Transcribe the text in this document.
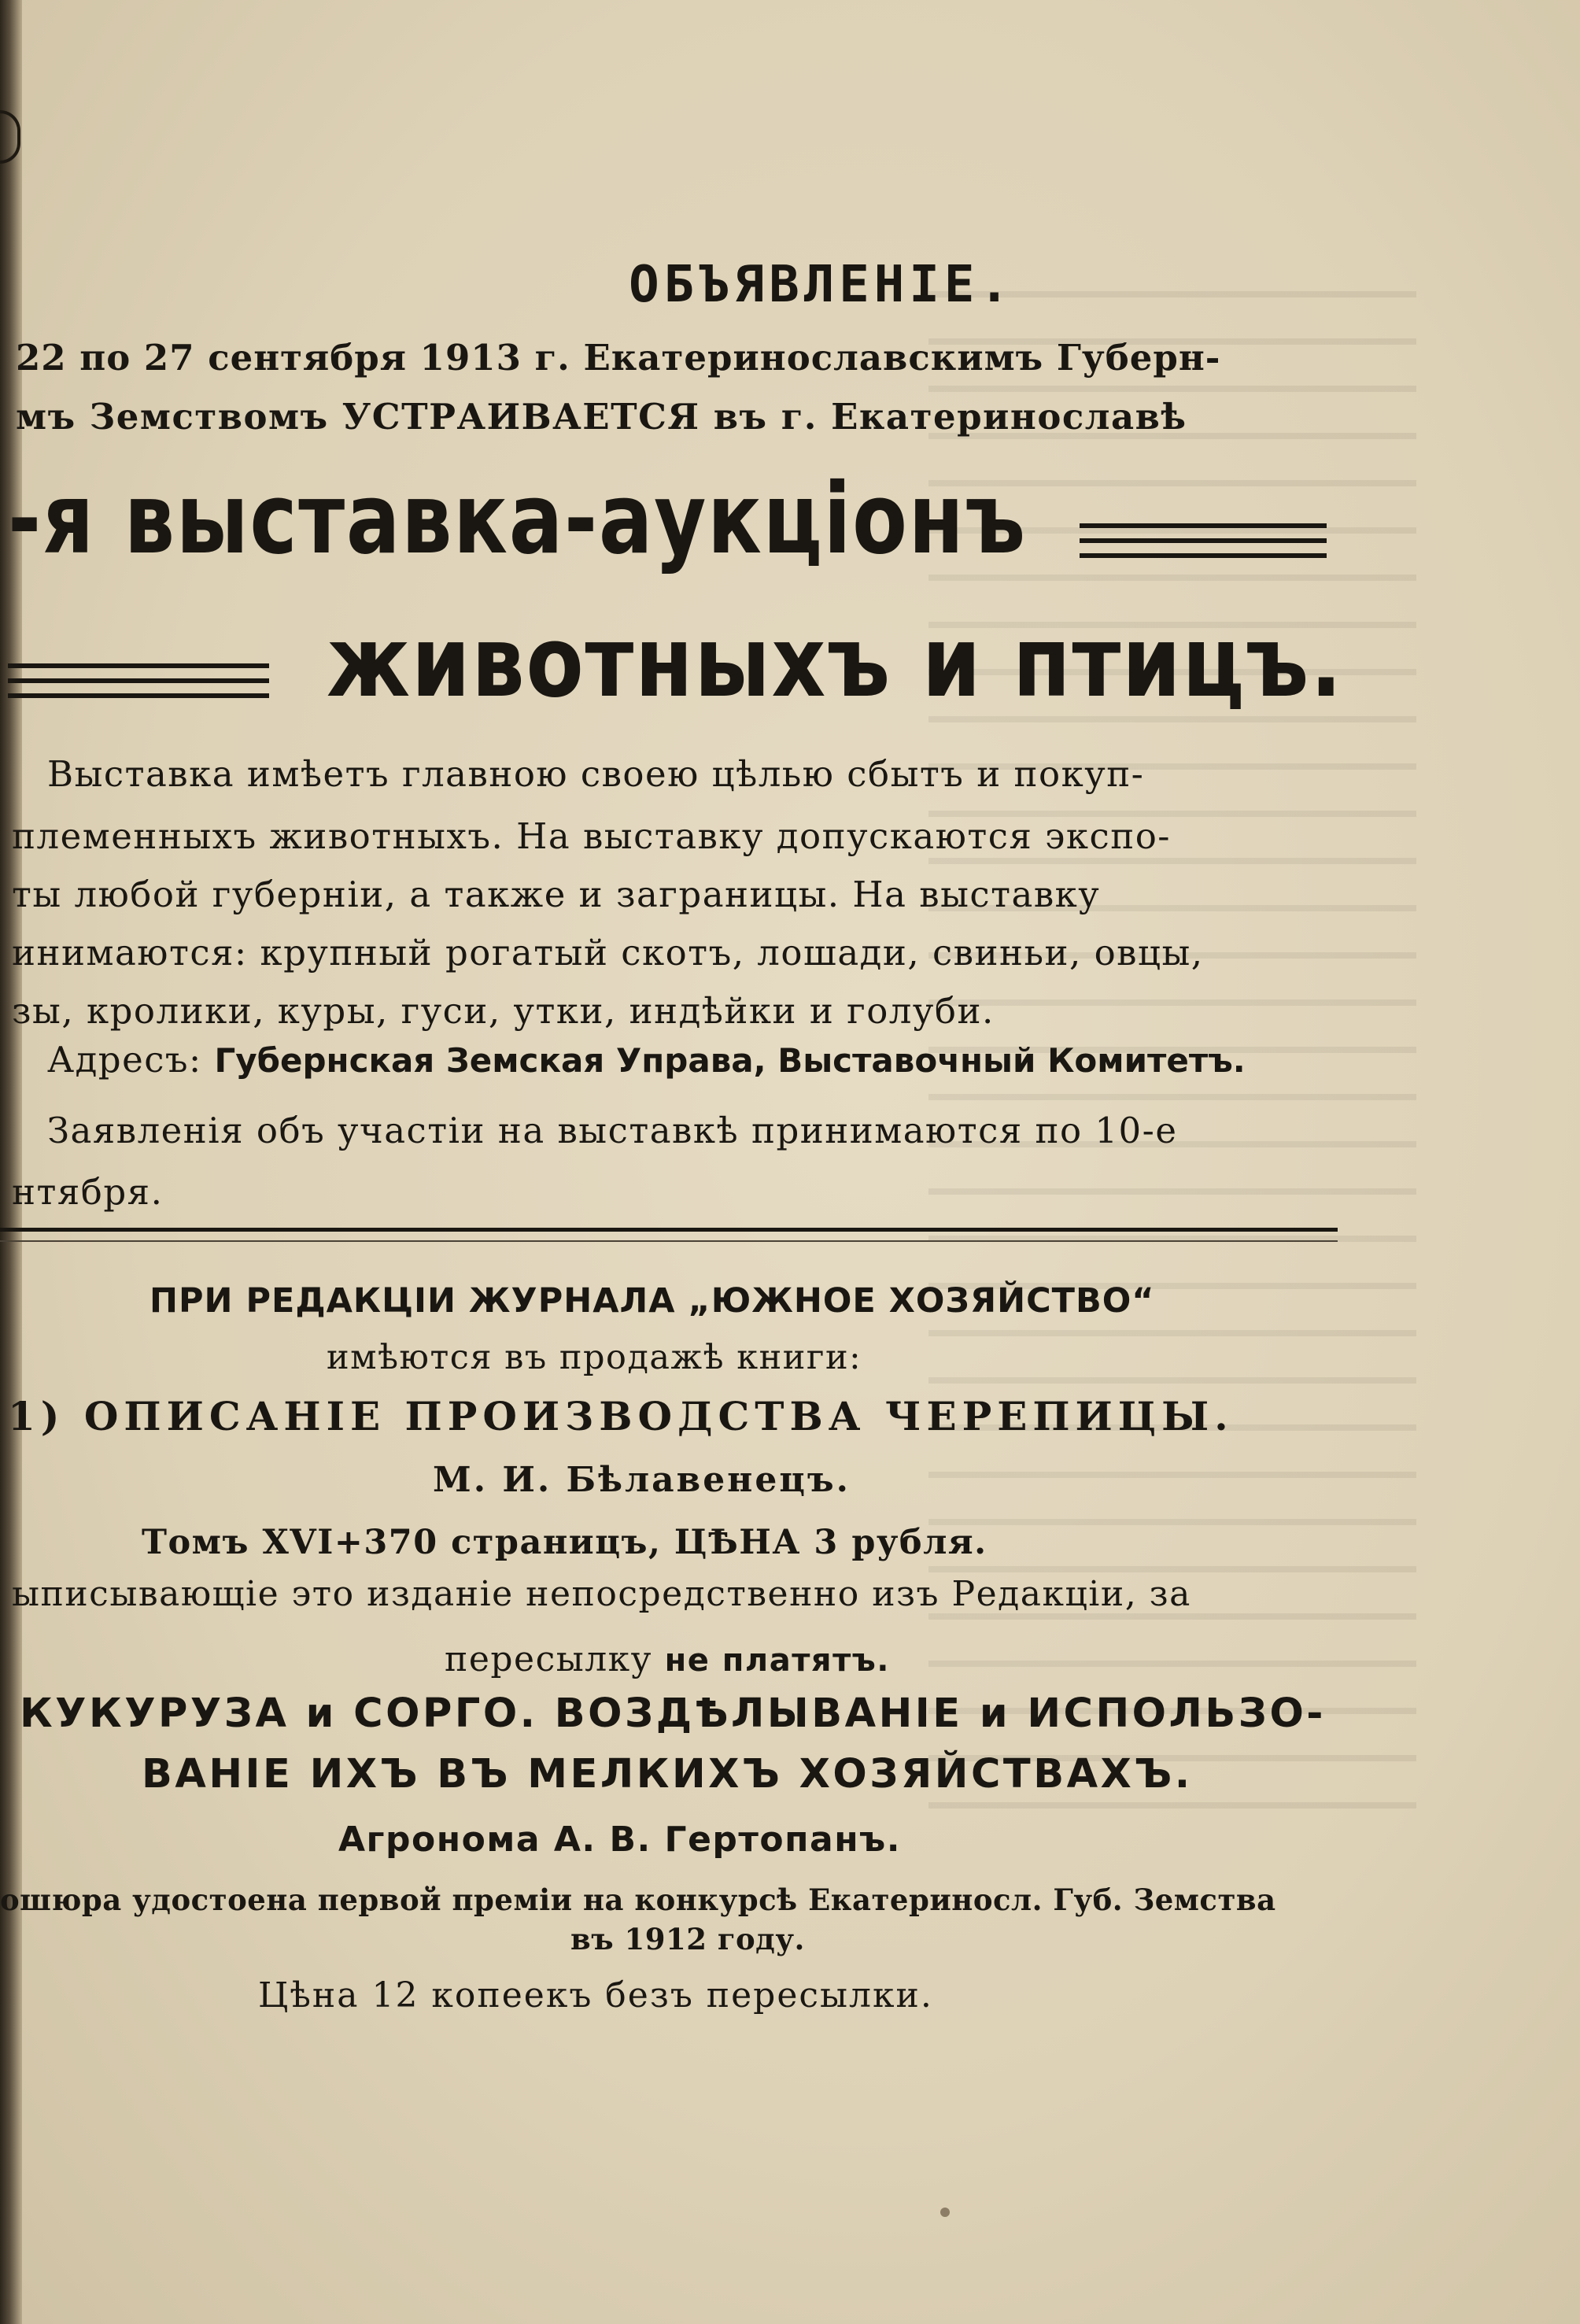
ОБЪЯВЛЕНІЕ.
22 по 27 сентября 1913 г. Екатеринославскимъ Губерн-
мъ Земствомъ УСТРАИВАЕТСЯ въ г. Екатеринославѣ
-я выставка-аукціонъ
животныхъ и птицъ.
Выставка имѣетъ главною своею цѣлью сбытъ и покуп-
племенныхъ животныхъ. На выставку допускаются экспо-
ты любой губерніи, а также и заграницы. На выставку
инимаются: крупный рогатый скотъ, лошади, свиньи, овцы,
зы, кролики, куры, гуси, утки, индѣйки и голуби.
Адресъ: Губернская Земская Управа, Выставочный Комитетъ.
Заявленія объ участіи на выставкѣ принимаются по 10-е
нтября.
ПРИ РЕДАКЦІИ ЖУРНАЛА „ЮЖНОЕ ХОЗЯЙСТВО“
имѣются въ продажѣ книги:
1) ОПИСАНІЕ ПРОИЗВОДСТВА ЧЕРЕПИЦЫ.
М. И. Бѣлавенецъ.
Томъ XVI+370 страницъ, ЦѢНА 3 рубля.
ыписывающіе это изданіе непосредственно изъ Редакціи, за
пересылку не платятъ.
КУКУРУЗА и СОРГО. ВОЗДѢЛЫВАНІЕ и ИСПОЛЬЗО-
ВАНІЕ ИХЪ ВЪ МЕЛКИХЪ ХОЗЯЙСТВАХЪ.
Агронома А. В. Гертопанъ.
ошюра удостоена первой преміи на конкурсѣ Екатериносл. Губ. Земства
въ 1912 году.
Цѣна 12 копеекъ безъ пересылки.
